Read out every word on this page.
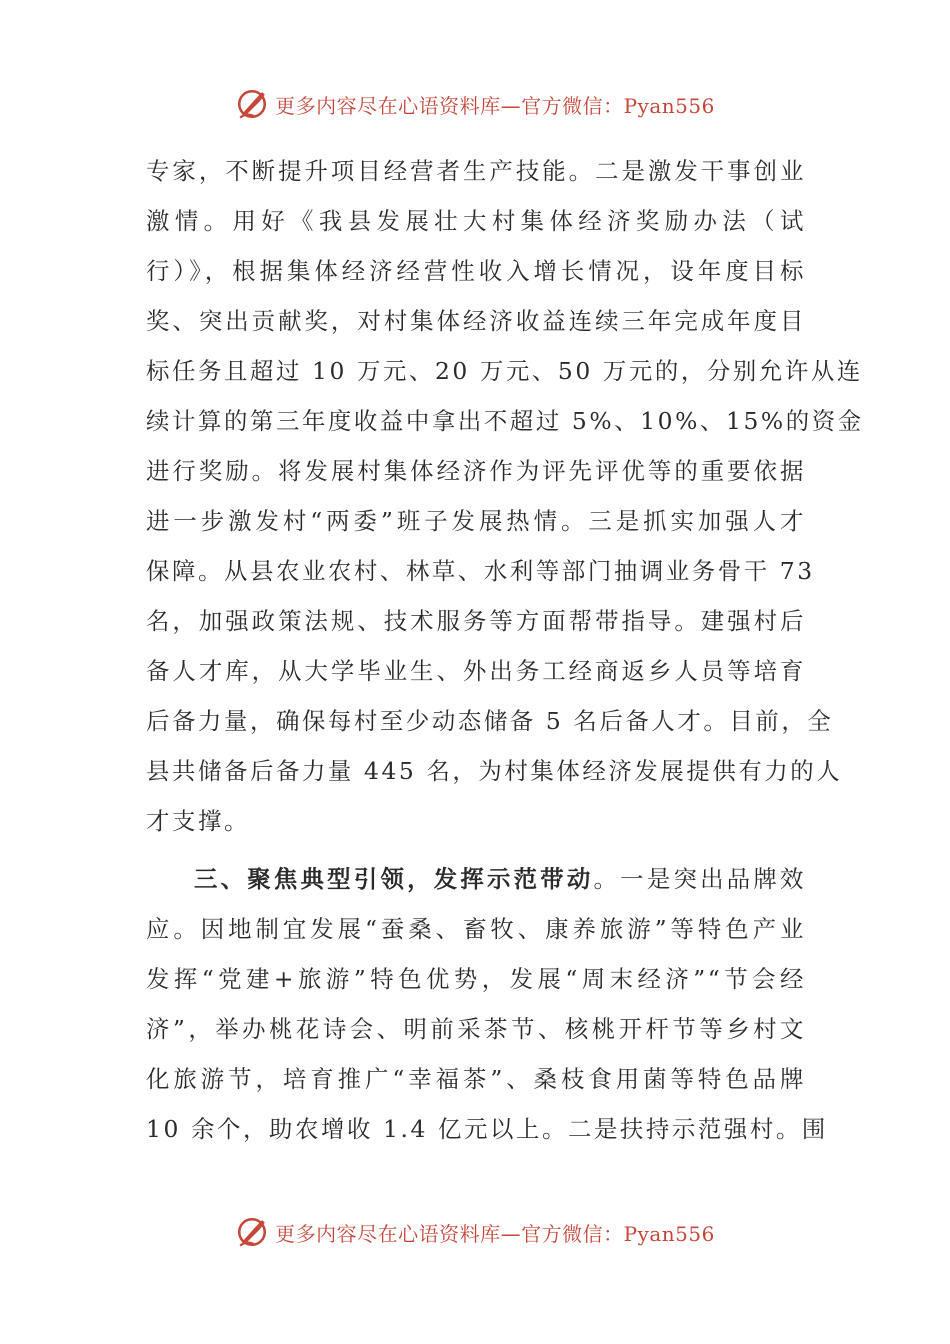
更多内容尽在心语资料库—官方微信：Pyan556
专家，不断提升项目经营者生产技能。二是激发干事创业
激情。用好《我县发展壮大村集体经济奖励办法（试
行）》，根据集体经济经营性收入增长情况，设年度目标
奖、突出贡献奖，对村集体经济收益连续三年完成年度目
标任务且超过 10 万元、20 万元、50 万元的，分别允许从连
续计算的第三年度收益中拿出不超过 5%、10%、15%的资金
进行奖励。将发展村集体经济作为评先评优等的重要依据
进一步激发村“两委”班子发展热情。三是抓实加强人才
保障。从县农业农村、林草、水利等部门抽调业务骨干 73
名，加强政策法规、技术服务等方面帮带指导。建强村后
备人才库，从大学毕业生、外出务工经商返乡人员等培育
后备力量，确保每村至少动态储备 5 名后备人才。目前，全
县共储备后备力量 445 名，为村集体经济发展提供有力的人
才支撑。
三、聚焦典型引领，发挥示范带动。一是突出品牌效
应。因地制宜发展“蚕桑、畜牧、康养旅游”等特色产业
发挥“党建+旅游”特色优势，发展“周末经济”“节会经
济”，举办桃花诗会、明前采茶节、核桃开杆节等乡村文
化旅游节，培育推广“幸福茶”、桑枝食用菌等特色品牌
10 余个，助农增收 1.4 亿元以上。二是扶持示范强村。围
更多内容尽在心语资料库—官方微信：Pyan556
